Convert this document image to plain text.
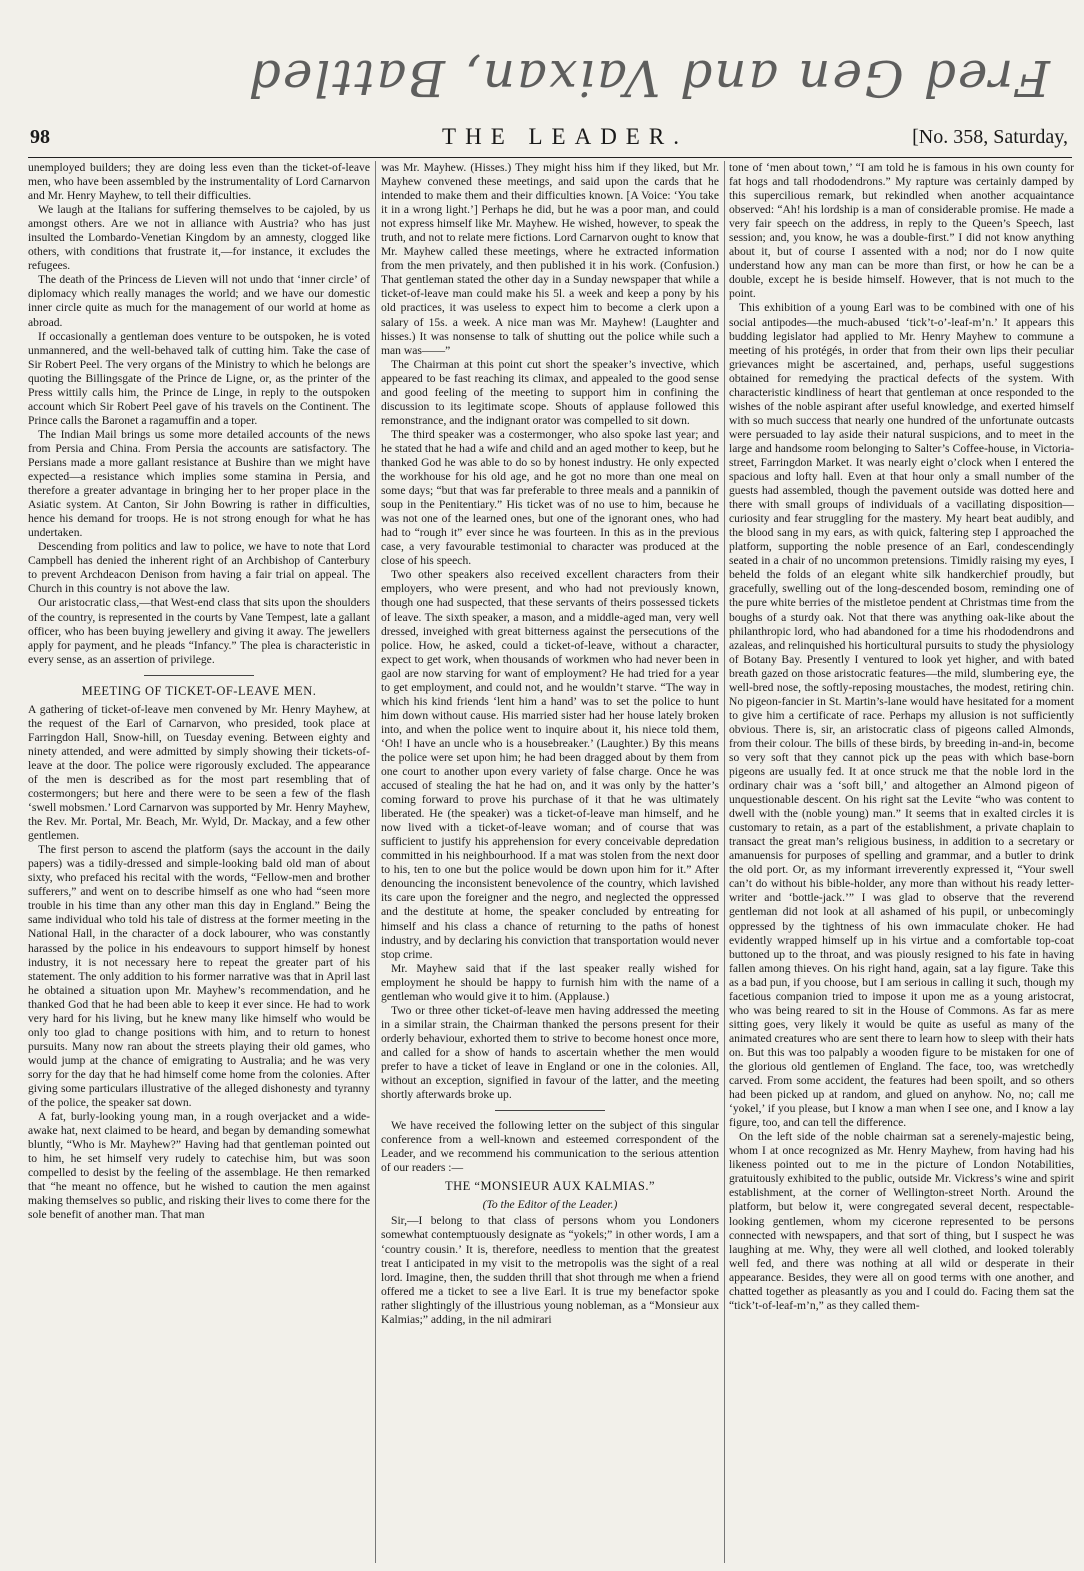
Fred Gen and Vaixan, Battled
98	THE LEADER.	[No. 358, Saturday,

unemployed builders; they are doing less even than the ticket-of-leave men, who have been assembled by the instrumentality of Lord Carnarvon and Mr. Henry Mayhew, to tell their difficulties.

We laugh at the Italians for suffering themselves to be cajoled, by us amongst others. Are we not in alliance with Austria? who has just insulted the Lombardo-Venetian Kingdom by an amnesty, clogged like others, with conditions that frustrate it,—for instance, it excludes the refugees.

The death of the Princess de Lieven will not undo that ‘inner circle’ of diplomacy which really manages the world; and we have our domestic inner circle quite as much for the management of our world at home as abroad.

If occasionally a gentleman does venture to be outspoken, he is voted unmannered, and the well-behaved talk of cutting him. Take the case of Sir Robert Peel. The very organs of the Ministry to which he belongs are quoting the Billingsgate of the Prince de Ligne, or, as the printer of the Press wittily calls him, the Prince de Linge, in reply to the outspoken account which Sir Robert Peel gave of his travels on the Continent. The Prince calls the Baronet a ragamuffin and a toper.

The Indian Mail brings us some more detailed accounts of the news from Persia and China. From Persia the accounts are satisfactory. The Persians made a more gallant resistance at Bushire than we might have expected—a resistance which implies some stamina in Persia, and therefore a greater advantage in bringing her to her proper place in the Asiatic system. At Canton, Sir John Bowring is rather in difficulties, hence his demand for troops. He is not strong enough for what he has undertaken.

Descending from politics and law to police, we have to note that Lord Campbell has denied the inherent right of an Archbishop of Canterbury to prevent Archdeacon Denison from having a fair trial on appeal. The Church in this country is not above the law.

Our aristocratic class,—that West-end class that sits upon the shoulders of the country, is represented in the courts by Vane Tempest, late a gallant officer, who has been buying jewellery and giving it away. The jewellers apply for payment, and he pleads “Infancy.” The plea is characteristic in every sense, as an assertion of privilege.

MEETING OF TICKET-OF-LEAVE MEN.

A gathering of ticket-of-leave men convened by Mr. Henry Mayhew, at the request of the Earl of Carnarvon, who presided, took place at Farringdon Hall, Snow-hill, on Tuesday evening. Between eighty and ninety attended, and were admitted by simply showing their tickets-of-leave at the door. The police were rigorously excluded. The appearance of the men is described as for the most part resembling that of costermongers; but here and there were to be seen a few of the flash ‘swell mobsmen.’ Lord Carnarvon was supported by Mr. Henry Mayhew, the Rev. Mr. Portal, Mr. Beach, Mr. Wyld, Dr. Mackay, and a few other gentlemen.

The first person to ascend the platform (says the account in the daily papers) was a tidily-dressed and simple-looking bald old man of about sixty, who prefaced his recital with the words, “Fellow-men and brother sufferers,” and went on to describe himself as one who had “seen more trouble in his time than any other man this day in England.” Being the same individual who told his tale of distress at the former meeting in the National Hall, in the character of a dock labourer, who was constantly harassed by the police in his endeavours to support himself by honest industry, it is not necessary here to repeat the greater part of his statement. The only addition to his former narrative was that in April last he obtained a situation upon Mr. Mayhew’s recommendation, and he thanked God that he had been able to keep it ever since. He had to work very hard for his living, but he knew many like himself who would be only too glad to change positions with him, and to return to honest pursuits. Many now ran about the streets playing their old games, who would jump at the chance of emigrating to Australia; and he was very sorry for the day that he had himself come home from the colonies. After giving some particulars illustrative of the alleged dishonesty and tyranny of the police, the speaker sat down.

A fat, burly-looking young man, in a rough overjacket and a wide-awake hat, next claimed to be heard, and began by demanding somewhat bluntly, “Who is Mr. Mayhew?” Having had that gentleman pointed out to him, he set himself very rudely to catechise him, but was soon compelled to desist by the feeling of the assemblage. He then remarked that “he meant no offence, but he wished to caution the men against making themselves so public, and risking their lives to come there for the sole benefit of another man. That man

was Mr. Mayhew. (Hisses.) They might hiss him if they liked, but Mr. Mayhew convened these meetings, and said upon the cards that he intended to make them and their difficulties known. [A Voice: ‘You take it in a wrong light.’] Perhaps he did, but he was a poor man, and could not express himself like Mr. Mayhew. He wished, however, to speak the truth, and not to relate mere fictions. Lord Carnarvon ought to know that Mr. Mayhew called these meetings, where he extracted information from the men privately, and then published it in his work. (Confusion.) That gentleman stated the other day in a Sunday newspaper that while a ticket-of-leave man could make his 5l. a week and keep a pony by his old practices, it was useless to expect him to become a clerk upon a salary of 15s. a week. A nice man was Mr. Mayhew! (Laughter and hisses.) It was nonsense to talk of shutting out the police while such a man was——”

The Chairman at this point cut short the speaker’s invective, which appeared to be fast reaching its climax, and appealed to the good sense and good feeling of the meeting to support him in confining the discussion to its legitimate scope. Shouts of applause followed this remonstrance, and the indignant orator was compelled to sit down.

The third speaker was a costermonger, who also spoke last year; and he stated that he had a wife and child and an aged mother to keep, but he thanked God he was able to do so by honest industry. He only expected the workhouse for his old age, and he got no more than one meal on some days; “but that was far preferable to three meals and a pannikin of soup in the Penitentiary.” His ticket was of no use to him, because he was not one of the learned ones, but one of the ignorant ones, who had had to “rough it” ever since he was fourteen. In this as in the previous case, a very favourable testimonial to character was produced at the close of his speech.

Two other speakers also received excellent characters from their employers, who were present, and who had not previously known, though one had suspected, that these servants of theirs possessed tickets of leave. The sixth speaker, a mason, and a middle-aged man, very well dressed, inveighed with great bitterness against the persecutions of the police. How, he asked, could a ticket-of-leave, without a character, expect to get work, when thousands of workmen who had never been in gaol are now starving for want of employment? He had tried for a year to get employment, and could not, and he wouldn’t starve. “The way in which his kind friends ‘lent him a hand’ was to set the police to hunt him down without cause. His married sister had her house lately broken into, and when the police went to inquire about it, his niece told them, ‘Oh! I have an uncle who is a housebreaker.’ (Laughter.) By this means the police were set upon him; he had been dragged about by them from one court to another upon every variety of false charge. Once he was accused of stealing the hat he had on, and it was only by the hatter’s coming forward to prove his purchase of it that he was ultimately liberated. He (the speaker) was a ticket-of-leave man himself, and he now lived with a ticket-of-leave woman; and of course that was sufficient to justify his apprehension for every conceivable depredation committed in his neighbourhood. If a mat was stolen from the next door to his, ten to one but the police would be down upon him for it.” After denouncing the inconsistent benevolence of the country, which lavished its care upon the foreigner and the negro, and neglected the oppressed and the destitute at home, the speaker concluded by entreating for himself and his class a chance of returning to the paths of honest industry, and by declaring his conviction that transportation would never stop crime.

Mr. Mayhew said that if the last speaker really wished for employment he should be happy to furnish him with the name of a gentleman who would give it to him. (Applause.)

Two or three other ticket-of-leave men having addressed the meeting in a similar strain, the Chairman thanked the persons present for their orderly behaviour, exhorted them to strive to become honest once more, and called for a show of hands to ascertain whether the men would prefer to have a ticket of leave in England or one in the colonies. All, without an exception, signified in favour of the latter, and the meeting shortly afterwards broke up.

We have received the following letter on the subject of this singular conference from a well-known and esteemed correspondent of the Leader, and we recommend his communication to the serious attention of our readers :—

THE “MONSIEUR AUX KALMIAS.”
(To the Editor of the Leader.)

Sir,—I belong to that class of persons whom you Londoners somewhat contemptuously designate as “yokels;” in other words, I am a ‘country cousin.’ It is, therefore, needless to mention that the greatest treat I anticipated in my visit to the metropolis was the sight of a real lord. Imagine, then, the sudden thrill that shot through me when a friend offered me a ticket to see a live Earl. It is true my benefactor spoke rather slightingly of the illustrious young nobleman, as a “Monsieur aux Kalmias;” adding, in the nil admirari

tone of ‘men about town,’ “I am told he is famous in his own county for fat hogs and tall rhododendrons.” My rapture was certainly damped by this supercilious remark, but rekindled when another acquaintance observed: “Ah! his lordship is a man of considerable promise. He made a very fair speech on the address, in reply to the Queen’s Speech, last session; and, you know, he was a double-first.” I did not know anything about it, but of course I assented with a nod; nor do I now quite understand how any man can be more than first, or how he can be a double, except he is beside himself. However, that is not much to the point.

This exhibition of a young Earl was to be combined with one of his social antipodes—the much-abused ‘tick’t-o’-leaf-m’n.’ It appears this budding legislator had applied to Mr. Henry Mayhew to commune a meeting of his protégés, in order that from their own lips their peculiar grievances might be ascertained, and, perhaps, useful suggestions obtained for remedying the practical defects of the system. With characteristic kindliness of heart that gentleman at once responded to the wishes of the noble aspirant after useful knowledge, and exerted himself with so much success that nearly one hundred of the unfortunate outcasts were persuaded to lay aside their natural suspicions, and to meet in the large and handsome room belonging to Salter’s Coffee-house, in Victoria-street, Farringdon Market. It was nearly eight o’clock when I entered the spacious and lofty hall. Even at that hour only a small number of the guests had assembled, though the pavement outside was dotted here and there with small groups of individuals of a vacillating disposition—curiosity and fear struggling for the mastery. My heart beat audibly, and the blood sang in my ears, as with quick, faltering step I approached the platform, supporting the noble presence of an Earl, condescendingly seated in a chair of no uncommon pretensions. Timidly raising my eyes, I beheld the folds of an elegant white silk handkerchief proudly, but gracefully, swelling out of the long-descended bosom, reminding one of the pure white berries of the mistletoe pendent at Christmas time from the boughs of a sturdy oak. Not that there was anything oak-like about the philanthropic lord, who had abandoned for a time his rhododendrons and azaleas, and relinquished his horticultural pursuits to study the physiology of Botany Bay. Presently I ventured to look yet higher, and with bated breath gazed on those aristocratic features—the mild, slumbering eye, the well-bred nose, the softly-reposing moustaches, the modest, retiring chin. No pigeon-fancier in St. Martin’s-lane would have hesitated for a moment to give him a certificate of race. Perhaps my allusion is not sufficiently obvious. There is, sir, an aristocratic class of pigeons called Almonds, from their colour. The bills of these birds, by breeding in-and-in, become so very soft that they cannot pick up the peas with which base-born pigeons are usually fed. It at once struck me that the noble lord in the ordinary chair was a ‘soft bill,’ and altogether an Almond pigeon of unquestionable descent. On his right sat the Levite “who was content to dwell with the (noble young) man.” It seems that in exalted circles it is customary to retain, as a part of the establishment, a private chaplain to transact the great man’s religious business, in addition to a secretary or amanuensis for purposes of spelling and grammar, and a butler to drink the old port. Or, as my informant irreverently expressed it, “Your swell can’t do without his bible-holder, any more than without his ready letter-writer and ‘bottle-jack.’” I was glad to observe that the reverend gentleman did not look at all ashamed of his pupil, or unbecomingly oppressed by the tightness of his own immaculate choker. He had evidently wrapped himself up in his virtue and a comfortable top-coat buttoned up to the throat, and was piously resigned to his fate in having fallen among thieves. On his right hand, again, sat a lay figure. Take this as a bad pun, if you choose, but I am serious in calling it such, though my facetious companion tried to impose it upon me as a young aristocrat, who was being reared to sit in the House of Commons. As far as mere sitting goes, very likely it would be quite as useful as many of the animated creatures who are sent there to learn how to sleep with their hats on. But this was too palpably a wooden figure to be mistaken for one of the glorious old gentlemen of England. The face, too, was wretchedly carved. From some accident, the features had been spoilt, and so others had been picked up at random, and glued on anyhow. No, no; call me ‘yokel,’ if you please, but I know a man when I see one, and I know a lay figure, too, and can tell the difference.

On the left side of the noble chairman sat a serenely-majestic being, whom I at once recognized as Mr. Henry Mayhew, from having had his likeness pointed out to me in the picture of London Notabilities, gratuitously exhibited to the public, outside Mr. Vickress’s wine and spirit establishment, at the corner of Wellington-street North. Around the platform, but below it, were congregated several decent, respectable-looking gentlemen, whom my cicerone represented to be persons connected with newspapers, and that sort of thing, but I suspect he was laughing at me. Why, they were all well clothed, and looked tolerably well fed, and there was nothing at all wild or desperate in their appearance. Besides, they were all on good terms with one another, and chatted together as pleasantly as you and I could do. Facing them sat the “tick’t-of-leaf-m’n,” as they called them-
